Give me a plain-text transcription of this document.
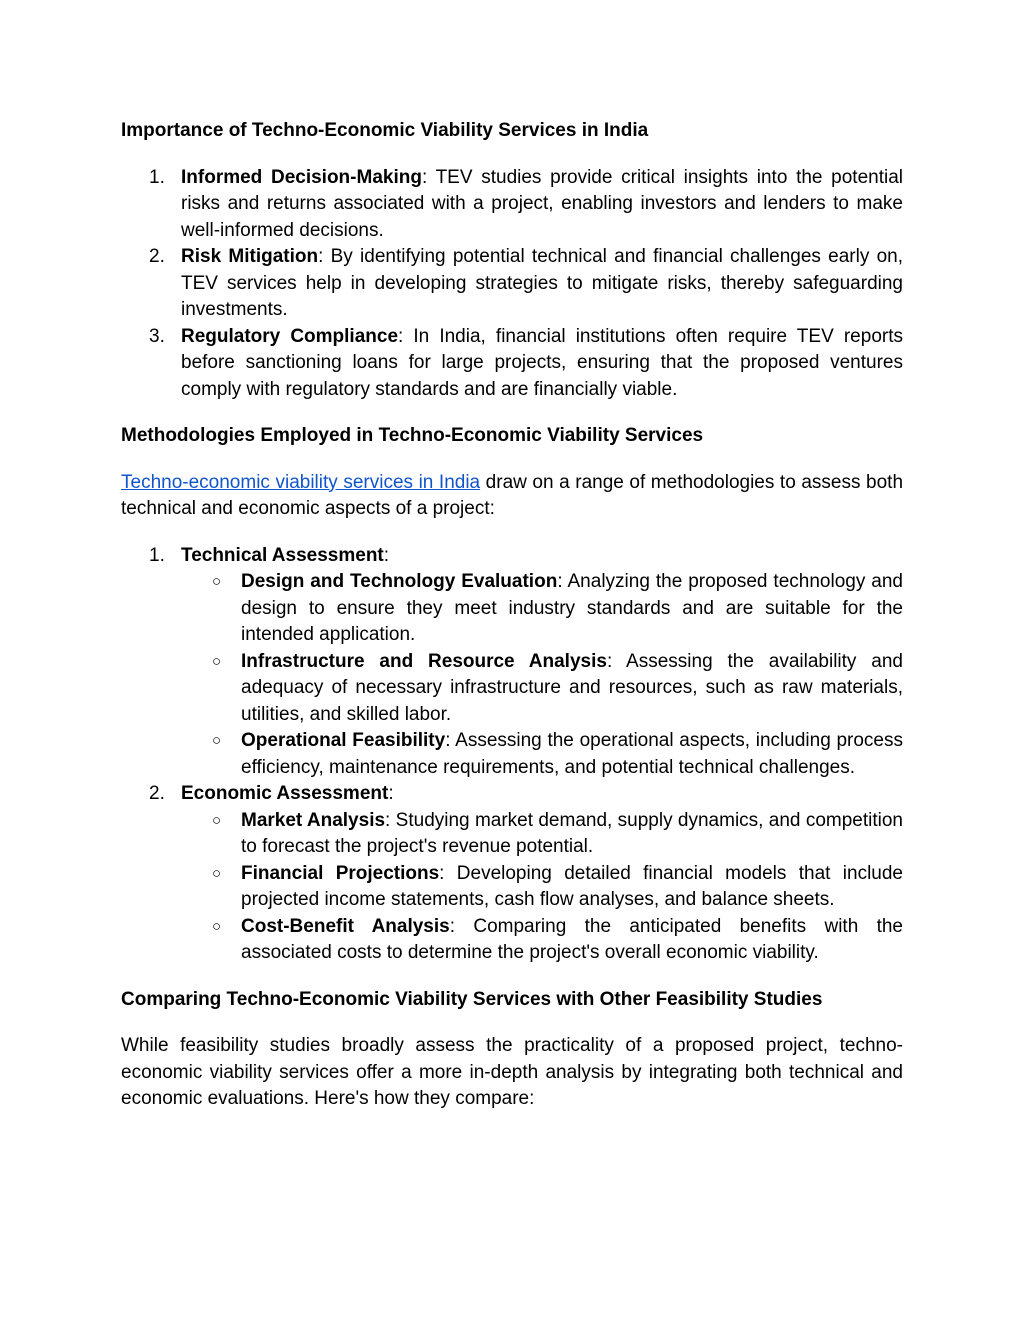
Importance of Techno-Economic Viability Services in India
1. Informed Decision-Making: TEV studies provide critical insights into the potential risks and returns associated with a project, enabling investors and lenders to make well-informed decisions.
2. Risk Mitigation: By identifying potential technical and financial challenges early on, TEV services help in developing strategies to mitigate risks, thereby safeguarding investments.
3. Regulatory Compliance: In India, financial institutions often require TEV reports before sanctioning loans for large projects, ensuring that the proposed ventures comply with regulatory standards and are financially viable.
Methodologies Employed in Techno-Economic Viability Services

Techno-economic viability services in India draw on a range of methodologies to assess both technical and economic aspects of a project:

1. Technical Assessment:
○ Design and Technology Evaluation: Analyzing the proposed technology and design to ensure they meet industry standards and are suitable for the intended application.
○ Infrastructure and Resource Analysis: Assessing the availability and adequacy of necessary infrastructure and resources, such as raw materials, utilities, and skilled labor.
○ Operational Feasibility: Assessing the operational aspects, including process efficiency, maintenance requirements, and potential technical challenges.
2. Economic Assessment:
○ Market Analysis: Studying market demand, supply dynamics, and competition to forecast the project's revenue potential.
○ Financial Projections: Developing detailed financial models that include projected income statements, cash flow analyses, and balance sheets.
○ Cost-Benefit Analysis: Comparing the anticipated benefits with the associated costs to determine the project's overall economic viability.
Comparing Techno-Economic Viability Services with Other Feasibility Studies

While feasibility studies broadly assess the practicality of a proposed project, techno-economic viability services offer a more in-depth analysis by integrating both technical and economic evaluations. Here's how they compare:
